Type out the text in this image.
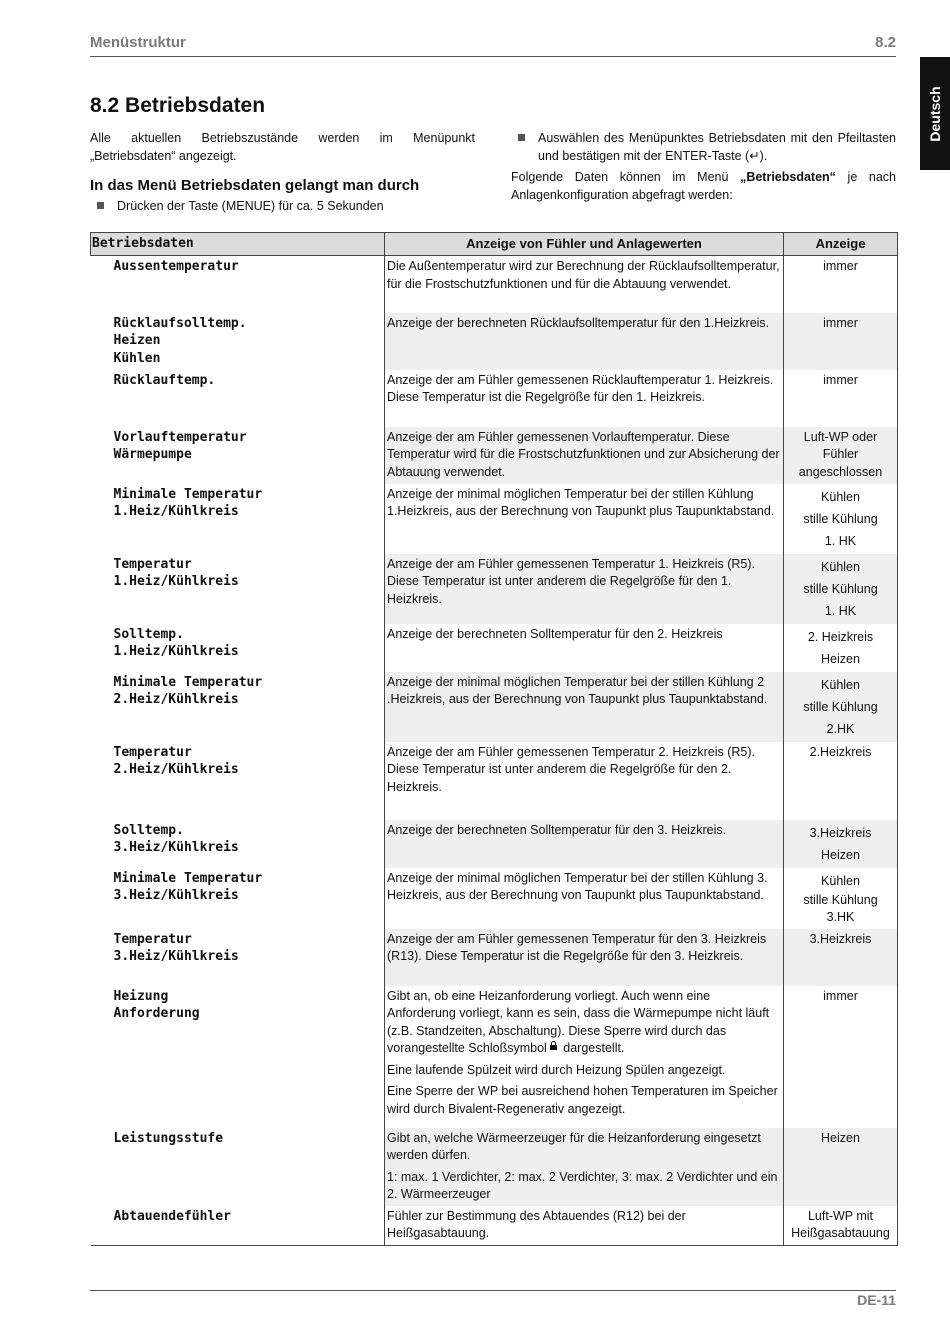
Menüstruktur	8.2
Deutsch
8.2 Betriebsdaten
Alle aktuellen Betriebszustände werden im Menüpunkt „Betriebsdaten“ angezeigt.
In das Menü Betriebsdaten gelangt man durch
Drücken der Taste (MENUE) für ca. 5 Sekunden
Auswählen des Menüpunktes Betriebsdaten mit den Pfeiltasten und bestätigen mit der ENTER-Taste (↵).
Folgende Daten können im Menü „Betriebsdaten“ je nach Anlagenkonfiguration abgefragt werden:
Betriebsdaten	Anzeige von Fühler und Anlagewerten	Anzeige

Aussentemperatur	Die Außentemperatur wird zur Berechnung der Rücklaufsolltemperatur, für die Frostschutzfunktionen und für die Abtauung verwendet.	immer

Rücklaufsolltemp.
Heizen
Kühlen	Anzeige der berechneten Rücklaufsolltemperatur für den 1.Heizkreis.	immer

Rücklauftemp.	Anzeige der am Fühler gemessenen Rücklauftemperatur 1. Heizkreis. Diese Temperatur ist die Regelgröße für den 1. Heizkreis.	immer

Vorlauftemperatur
Wärmepumpe	Anzeige der am Fühler gemessenen Vorlauftemperatur. Diese Temperatur wird für die Frostschutzfunktionen und zur Absicherung der Abtauung verwendet.	Luft-WP oder
Fühler
angeschlossen

Minimale Temperatur
1.Heiz/Kühlkreis	Anzeige der minimal möglichen Temperatur bei der stillen Kühlung 1.Heizkreis, aus der Berechnung von Taupunkt plus Taupunktabstand.	Kühlen
stille Kühlung
1. HK

Temperatur
1.Heiz/Kühlkreis	Anzeige der am Fühler gemessenen Temperatur 1. Heizkreis (R5). Diese Temperatur ist unter anderem die Regelgröße für den 1. Heizkreis.	Kühlen
stille Kühlung
1. HK

Solltemp.
1.Heiz/Kühlkreis	Anzeige der berechneten Solltemperatur für den 2. Heizkreis	2. Heizkreis
Heizen

Minimale Temperatur
2.Heiz/Kühlkreis	Anzeige der minimal möglichen Temperatur bei der stillen Kühlung 2 .Heizkreis, aus der Berechnung von Taupunkt plus Taupunktabstand.	Kühlen
stille Kühlung
2.HK

Temperatur
2.Heiz/Kühlkreis	Anzeige der am Fühler gemessenen Temperatur 2. Heizkreis (R5).
Diese Temperatur ist unter anderem die Regelgröße für den 2. Heizkreis.	2.Heizkreis

Solltemp.
3.Heiz/Kühlkreis	Anzeige der berechneten Solltemperatur für den 3. Heizkreis.	3.Heizkreis
Heizen

Minimale Temperatur
3.Heiz/Kühlkreis	Anzeige der minimal möglichen Temperatur bei der stillen Kühlung 3. Heizkreis, aus der Berechnung von Taupunkt plus Taupunktabstand.	Kühlen
stille Kühlung
3.HK

Temperatur
3.Heiz/Kühlkreis	Anzeige der am Fühler gemessenen Temperatur für den 3. Heizkreis (R13). Diese Temperatur ist die Regelgröße für den 3. Heizkreis.	3.Heizkreis

Heizung
Anforderung	Gibt an, ob eine Heizanforderung vorliegt. Auch wenn eine Anforderung vorliegt, kann es sein, dass die Wärmepumpe nicht läuft (z.B. Standzeiten, Abschaltung). Diese Sperre wird durch das vorangestellte Schloßsymbol dargestellt.
Eine laufende Spülzeit wird durch Heizung Spülen angezeigt.
Eine Sperre der WP bei ausreichend hohen Temperaturen im Speicher wird durch Bivalent-Regenerativ angezeigt.	immer

Leistungsstufe	Gibt an, welche Wärmeerzeuger für die Heizanforderung eingesetzt werden dürfen.
1: max. 1 Verdichter, 2: max. 2 Verdichter, 3: max. 2 Verdichter und ein 2. Wärmeerzeuger	Heizen

Abtauendefühler	Fühler zur Bestimmung des Abtauendes (R12) bei der Heißgasabtauung.	Luft-WP mit
Heißgasabtauung
DE-11
